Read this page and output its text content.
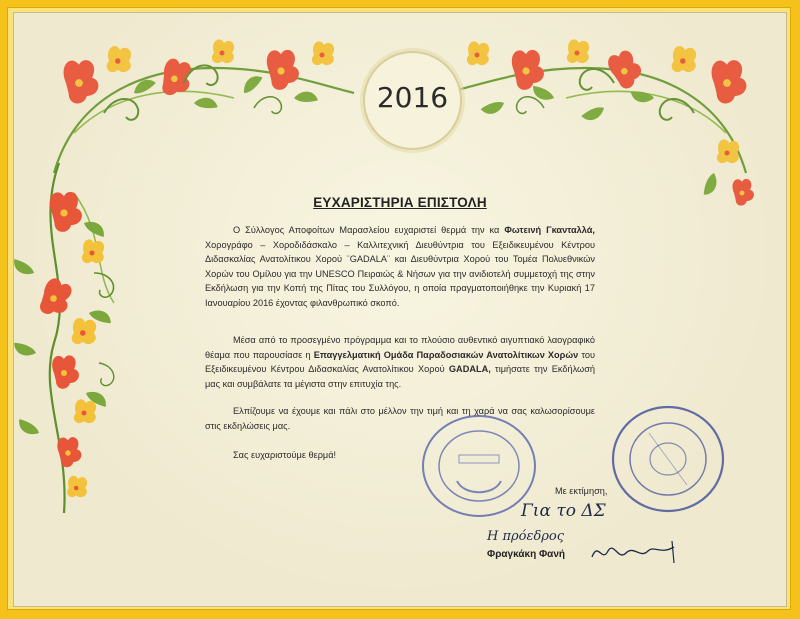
2016
ΕΥΧΑΡΙΣΤΗΡΙΑ ΕΠΙΣΤΟΛΗ
Ο Σύλλογος Αποφοίτων Μαρασλείου ευχαριστεί θερμά την κα Φωτεινή Γκανταλλά, Χορογράφο – Χοροδιδάσκαλο – Καλλιτεχνική Διευθύντρια του Εξειδικευμένου Κέντρου Διδασκαλίας Ανατολίτικου Χορού ¨GADALA¨ και Διευθύντρια Χορού του Τομέα Πολυεθνικών Χορών του Ομίλου για την UNESCO Πειραιώς & Νήσων για την ανιδιοτελή συμμετοχή της στην Εκδήλωση για την Κοπή της Πίτας του Συλλόγου, η οποία πραγματοποιήθηκε την Κυριακή 17 Ιανουαρίου 2016 έχοντας φιλανθρωπικό σκοπό.
Μέσα από το προσεγμένο πρόγραμμα και το πλούσιο αυθεντικό αιγυπτιακό λαογραφικό θέαμα που παρουσίασε η Επαγγελματική Ομάδα Παραδοσιακών Ανατολίτικων Χορών του Εξειδικευμένου Κέντρου Διδασκαλίας Ανατολίτικου Χορού GADALA, τιμήσατε την Εκδήλωσή μας και συμβάλατε τα μέγιστα στην επιτυχία της.
Ελπίζουμε να έχουμε και πάλι στο μέλλον την τιμή και τη χαρά να σας καλωσορίσουμε στις εκδηλώσεις μας.
Σας ευχαριστούμε θερμά!
Με εκτίμηση,
Για το ΔΣ
Η πρόεδρος
Φραγκάκη Φανή
